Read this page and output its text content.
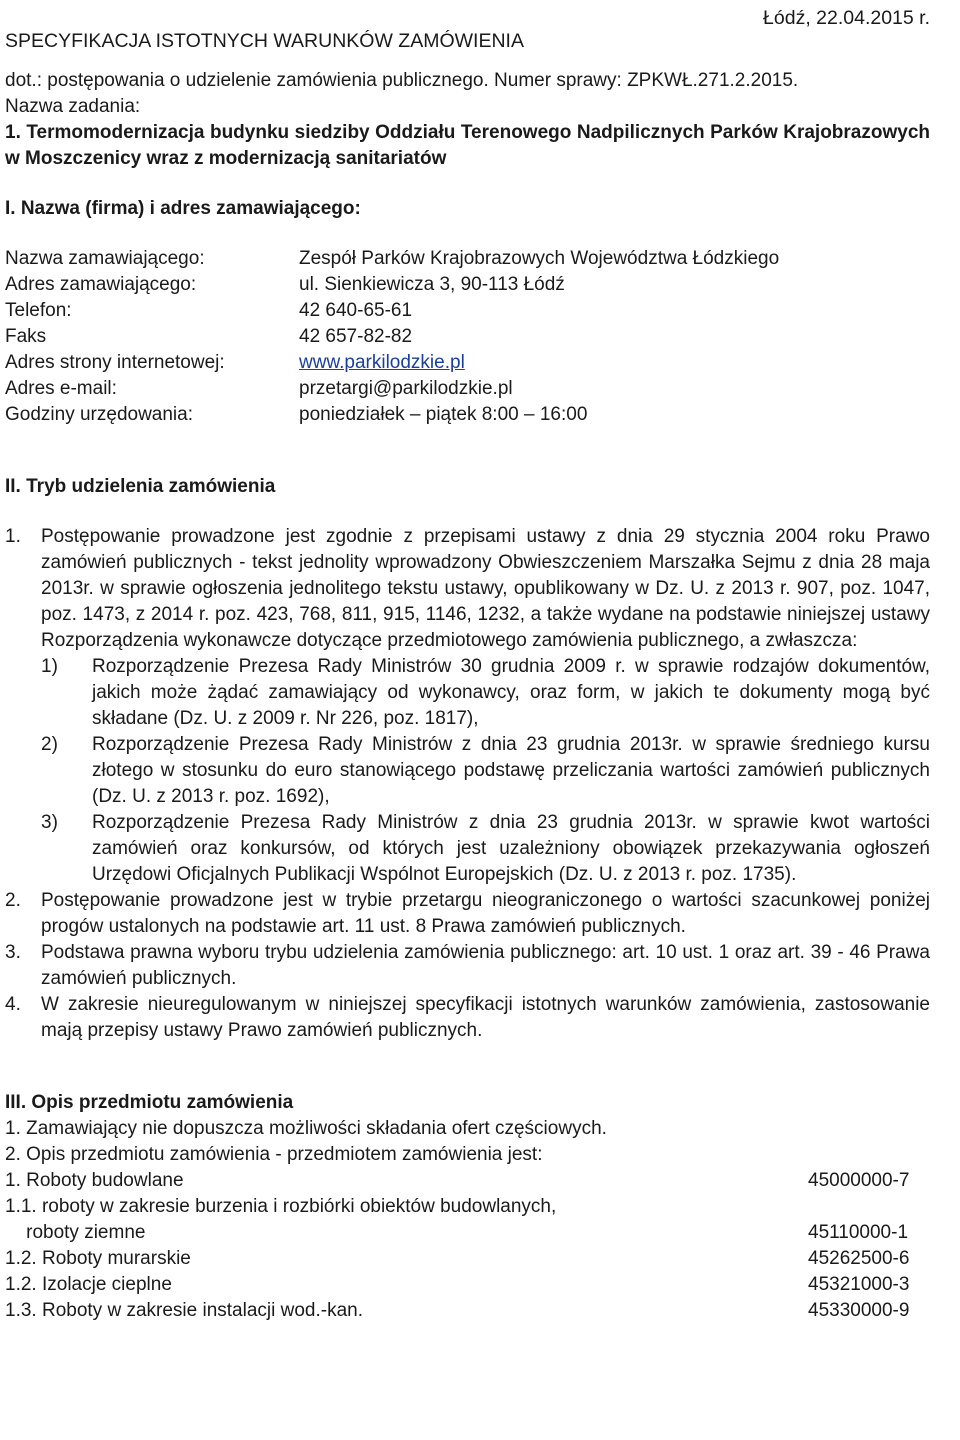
SPECYFIKACJA ISTOTNYCH WARUNKÓW ZAMÓWIENIA
Łódź, 22.04.2015 r.
dot.: postępowania o udzielenie zamówienia publicznego. Numer sprawy: ZPKWŁ.271.2.2015.
Nazwa zadania:
1. Termomodernizacja budynku siedziby Oddziału Terenowego Nadpilicznych Parków Krajobrazowych w Moszczenicy wraz z modernizacją sanitariatów
I. Nazwa (firma) i adres zamawiającego:
Nazwa zamawiającego:	Zespół Parków Krajobrazowych Województwa Łódzkiego
Adres zamawiającego:	ul. Sienkiewicza 3, 90-113 Łódź
Telefon:	42 640-65-61
Faks	42 657-82-82
Adres strony internetowej:	www.parkilodzkie.pl
Adres e-mail:	przetargi@parkilodzkie.pl
Godziny urzędowania:	poniedziałek – piątek 8:00 – 16:00
II. Tryb udzielenia zamówienia
1.	Postępowanie prowadzone jest zgodnie z przepisami ustawy z dnia 29 stycznia 2004 roku Prawo zamówień publicznych - tekst jednolity wprowadzony Obwieszczeniem Marszałka Sejmu z dnia 28 maja 2013r. w sprawie ogłoszenia jednolitego tekstu ustawy, opublikowany w Dz. U. z 2013 r. 907, poz. 1047, poz. 1473, z 2014 r. poz. 423, 768, 811, 915, 1146, 1232, a także wydane na podstawie niniejszej ustawy Rozporządzenia wykonawcze dotyczące przedmiotowego zamówienia publicznego, a zwłaszcza:
1)	Rozporządzenie Prezesa Rady Ministrów 30 grudnia 2009 r. w sprawie rodzajów dokumentów, jakich może żądać zamawiający od wykonawcy, oraz form, w jakich te dokumenty mogą być składane (Dz. U. z 2009 r. Nr 226, poz. 1817),
2)	Rozporządzenie Prezesa Rady Ministrów z dnia 23 grudnia 2013r. w sprawie średniego kursu złotego w stosunku do euro stanowiącego podstawę przeliczania wartości zamówień publicznych (Dz. U. z 2013 r. poz. 1692),
3)	Rozporządzenie Prezesa Rady Ministrów z dnia 23 grudnia 2013r. w sprawie kwot wartości zamówień oraz konkursów, od których jest uzależniony obowiązek przekazywania ogłoszeń Urzędowi Oficjalnych Publikacji Wspólnot Europejskich (Dz. U. z 2013 r. poz. 1735).
2.	Postępowanie prowadzone jest w trybie przetargu nieograniczonego o wartości szacunkowej poniżej progów ustalonych na podstawie art. 11 ust. 8 Prawa zamówień publicznych.
3.	Podstawa prawna wyboru trybu udzielenia zamówienia publicznego: art. 10 ust. 1 oraz art. 39 - 46 Prawa zamówień publicznych.
4.	W zakresie nieuregulowanym w niniejszej specyfikacji istotnych warunków zamówienia, zastosowanie mają przepisy ustawy Prawo zamówień publicznych.
III. Opis przedmiotu zamówienia
1. Zamawiający nie dopuszcza możliwości składania ofert częściowych.
2. Opis przedmiotu zamówienia - przedmiotem zamówienia jest:
1. Roboty budowlane	45000000-7
1.1. roboty w zakresie burzenia i rozbiórki obiektów budowlanych,
roboty ziemne	45110000-1
1.2. Roboty murarskie	45262500-6
1.2. Izolacje cieplne	45321000-3
1.3. Roboty w zakresie instalacji wod.-kan.	45330000-9
